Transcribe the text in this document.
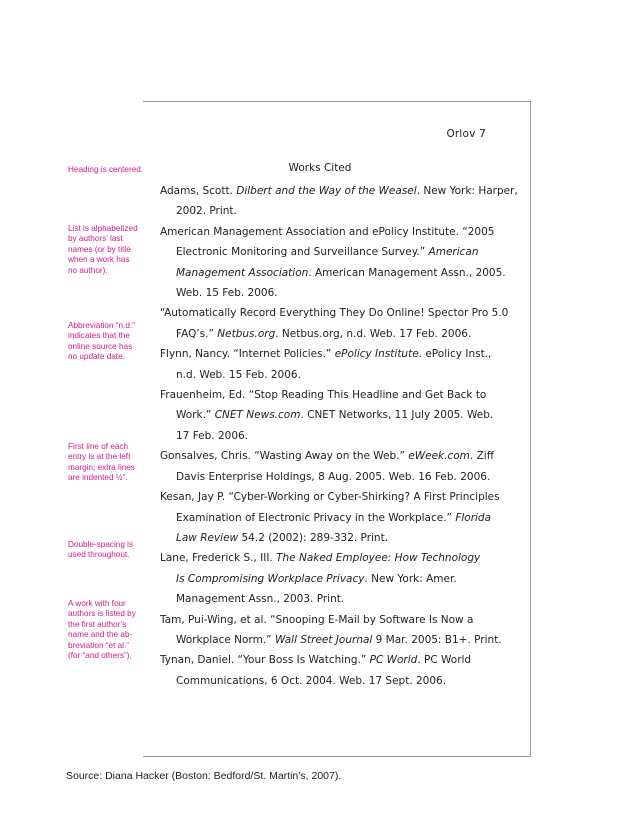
Orlov 7
Works Cited
Adams, Scott. Dilbert and the Way of the Weasel. New York: Harper,
2002. Print.
American Management Association and ePolicy Institute. “2005
Electronic Monitoring and Surveillance Survey.” American
Management Association. American Management Assn., 2005.
Web. 15 Feb. 2006.
“Automatically Record Everything They Do Online! Spector Pro 5.0
FAQ’s.” Netbus.org. Netbus.org, n.d. Web. 17 Feb. 2006.
Flynn, Nancy. “Internet Policies.” ePolicy Institute. ePolicy Inst.,
n.d. Web. 15 Feb. 2006.
Frauenheim, Ed. “Stop Reading This Headline and Get Back to
Work.” CNET News.com. CNET Networks, 11 July 2005. Web.
17 Feb. 2006.
Gonsalves, Chris. “Wasting Away on the Web.” eWeek.com. Ziff
Davis Enterprise Holdings, 8 Aug. 2005. Web. 16 Feb. 2006.
Kesan, Jay P. “Cyber-Working or Cyber-Shirking? A First Principles
Examination of Electronic Privacy in the Workplace.” Florida
Law Review 54.2 (2002): 289-332. Print.
Lane, Frederick S., III. The Naked Employee: How Technology
Is Compromising Workplace Privacy. New York: Amer.
Management Assn., 2003. Print.
Tam, Pui-Wing, et al. “Snooping E-Mail by Software Is Now a
Workplace Norm.” Wall Street Journal 9 Mar. 2005: B1+. Print.
Tynan, Daniel. “Your Boss Is Watching.” PC World. PC World
Communications, 6 Oct. 2004. Web. 17 Sept. 2006.
Heading is centered.
List is alphabetized
by authors’ last
names (or by title
when a work has
no author).
Abbreviation “n.d.”
indicates that the
online source has
no update date.
First line of each
entry is at the left
margin; extra lines
are indented ½”.
Double-spacing is
used throughout.
A work with four
authors is listed by
the first author’s
name and the ab-
breviation “et al.”
(for “and others”).
Source: Diana Hacker (Boston: Bedford/St. Martin’s, 2007).
